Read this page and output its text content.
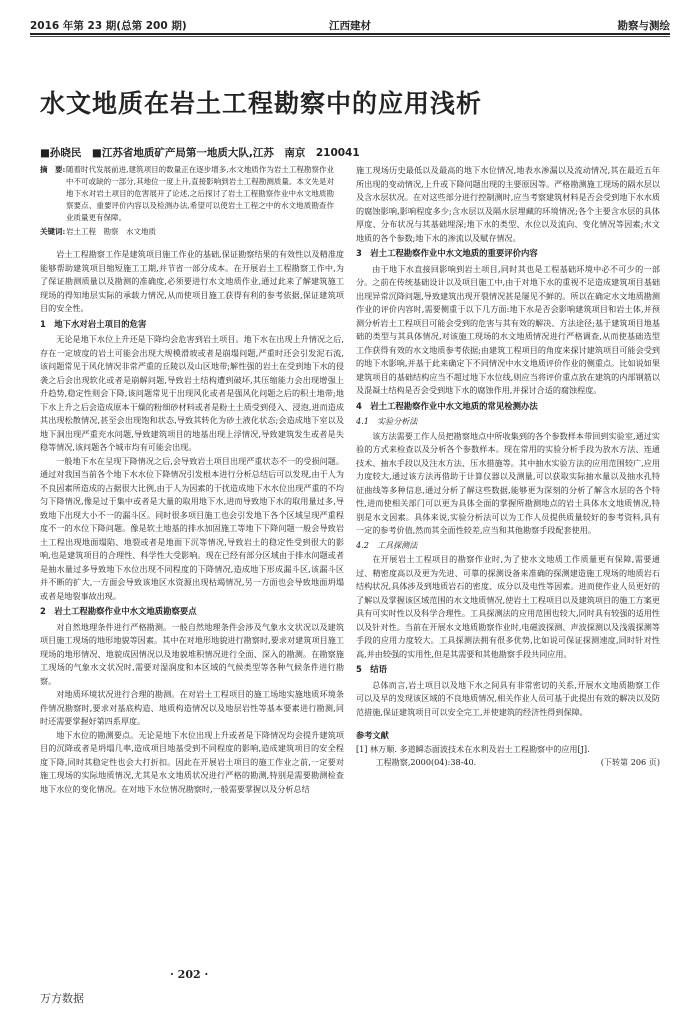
2016 年第 23 期(总第 200 期)	江西建材	勘察与测绘
水文地质在岩土工程勘察中的应用浅析
■孙晓民　■江苏省地质矿产局第一地质大队,江苏　南京　210041

摘　要:随着时代发展前进,建筑项目的数量正在逐步增多,水文地质作为岩土工程勘察作业中不可或缺的一部分,其地位一度上升,直接影响到岩土工程勘测质量。本文先是对地下水对岩土项目的危害展开了论述,之后探讨了岩土工程勘察作业中水文地质勘察要点、重要评价内容以及检测办法,希望可以使岩土工程之中的水文地质勘查作业质量更有保障。

关键词:岩土工程　勘察　水文地质

岩土工程勘察工作是建筑项目施工作业的基础,保证勘察结果的有效性以及精准度能够帮助建筑项目缩短施工工期,并节省一部分成本。在开展岩土工程勘察工作中,为了保证勘测质量以及勘测的准确度,必须要进行水文地质作业,通过此来了解建筑施工现场的得知地层实际的承载力情况,从而使项目施工获得有利的参考依据,保证建筑项目的安全性。

1　地下水对岩土项目的危害

无论是地下水位上升还是下降均会危害到岩土项目。地下水在出现上升情况之后,存在一定坡度的岩土可能会出现大规模滑坡或者是崩塌问题,严重时还会引发泥石流,该问题常见于风化情况非常严重的丘陵以及山区地带;解性强的岩土在受到地下水的侵袭之后会出现软化或者是崩解问题,导致岩土结构遭到破坏,其压缩能力会出现增强上升趋势,稳定性则会下降,该问题常见于出现风化或者是强风化问题之后的积土地带;地下水上升之后会造成原本干燥的粉细砂材料或者是粉土土质受到侵入、浸泡,进而造成其出现松散情况,甚至会出现饱和状态,导致其转化为砂土液化状态;会造成地下室以及地下洞出现严重充水问题,导致建筑项目的地基出现上浮情况,导致建筑发生或者是失稳等情况,该问题各个城市均有可能会出现。

一般地下水在呈现下降情况之后,会导致岩土项目出现严重状态不一的受损问题。通过对我国当前各个地下水水位下降情况引发根本进行分析总结后可以发现,由于人为不良因素所造成的占据很大比例,由于人为因素的干扰造成地下水水位出现严重的不均匀下降情况,像是过于集中或者是大量的取用地下水,进而导致地下水的取用量过多,导致地下出现大小不一的漏斗区。同时很多项目施工也会引发地下各个区域呈现严重程度不一的水位下降问题。像是软土地基的排水加固施工等地下下降问题一般会导致岩土工程出现地面塌陷、地裂或者是地面下沉等情况,导致岩土的稳定性受到很大的影响,也是建筑项目的合理性、科学性大受影响。现在已经有部分区域由于排水问题或者是抽水量过多导致地下水位出现不同程度的下降情况,造成地下形成漏斗区,该漏斗区并不断的扩大,一方面会导致该地区水资源出现枯竭情况,另一方面也会导致地面坍塌或者是地裂事故出现。

2　岩土工程勘察作业中水文地质勘察要点

对自然地理条件进行严格勘测。一般自然地理条件会涉及气象水文状况以及建筑项目施工现场的地形地貌等因素。其中在对地形地貌进行勘察时,要求对建筑项目施工现场的地形情况、地貌成因情况以及地貌堆积情况进行全面、深入的勘测。在勘察施工现场的气象水文状况时,需要对湿润度和本区域的气候类型等各种气候条件进行勘察。

对地质环境状况进行合理的勘测。在对岩土工程项目的施工场地实施地质环境条件情况勘察时,要求对基底构造、地质构造情况以及地层岩性等基本要素进行勘测,同时还需要掌握好第四系厚度。

地下水位的勘测要点。无论是地下水位出现上升或者是下降情况均会提升建筑项目的沉降或者是坍塌几率,造成项目地基受到不同程度的影响,造成建筑项目的安全程度下降,同时其稳定性也会大打折扣。因此在开展岩土项目的施工作业之前,一定要对施工现场的实际地质情况,尤其是水文地质状况进行严格的勘测,特别是需要勘测检查地下水位的变化情况。在对地下水位情况勘察时,一般需要掌握以及分析总结

施工现场历史最低以及最高的地下水位情况,地表水渗漏以及流动情况,其在最近五年所出现的变动情况,上升或下降问题出现的主要原因等。严格勘测施工现场的隔水层以及含水层状况。在对这些部分进行控制测时,应当考察建筑材料是否会受到地下水水质的腐蚀影响,影响程度多少;含水层以及隔水层埋藏的环境情况;各个主要含水层的具体厚度、分布状况与其基础埋深;地下水的类型、水位以及流向、变化情况等因素;水文地质的各个参数;地下水的渗流以及赋存情况。

3　岩土工程勘察作业中水文地质的重要评价内容

由于地下水直接回影响到岩土项目,同时其也是工程基础环境中必不可少的一部分。之前在传统基础设计以及项目施工中,由于对地下水的重视不足造成建筑项目基础出现异常沉降问题,导致建筑出现开裂情况甚是屡见不鲜的。所以在确定水文地质勘测作业的评价内容时,需要侧重于以下几方面:地下水是否会影响建筑项目和岩土体,并预测分析岩土工程项目可能会受到的危害与其有效的解决、方法途径;基于建筑项目地基础的类型与其具体情况,对该施工现场的水文地质情况进行严格调查,从而使基础选型工作获得有效的水文地质参考依据;由建筑工程项目的角度来探讨建筑项目可能会受到的地下水影响,并基于此来确定下不同情况中水文地质评价作业的侧重点。比如说如果建筑项目的基础结构应当不超过地下水位线,则应当将评价重点放在建筑的内部钢筋以及混凝土结构是否会受到地下水的腐蚀作用,并探讨合适的腐蚀程度。

4　岩土工程勘察作业中水文地质的常见检测办法
4.1　实验分析法

该方法需要工作人员把勘察地点中所收集到的各个参数样本带回到实验室,通过实验的方式来检查以及分析各个参数样本。现在常用的实验分析手段为放水方法、连通技术、抽水手段以及注水方法、压水措施等。其中抽水实验方法的应用范围较广,应用力度较大,通过该方法再借助于计算仪器以及测量,可以获取实际抽水量以及抽水孔特征曲线等多种信息,通过分析了解这些数据,能够更为深刻的分析了解含水层的各个特性,进而使相关部门可以更为具体全面的掌握所勘测地点的岩土具体水文地质情况,特别是水文因素。具体来说,实验分析法可以为工作人员提供质量较好的参考资料,具有一定的参考价值,然而其全面性较差,应当和其他勘察手段配套使用。

4.2　工具探测法

在开展岩土工程项目的勘察作业时,为了使水文地质工作质量更有保障,需要通过、精密度高以及更为先进、可靠的探测设备来准确的探测建造施工现场的地质岩石结构状况,具体涉及到地质岩石的密度、成分以及电性等因素。进而使作业人员更好的了解以及掌握该区域范围的水文地质情况,使岩土工程项目以及建筑项目的施工方案更具有可实时性以及科学合理性。工具探测法的应用范围也较大,同时具有较强的适用性以及针对性。当前在开展水文地质勘察作业时,电磁波探测、声波探测以及浅震探测等手段的应用力度较大。工具探测法拥有很多优势,比如说可保证探测速度,同时针对性高,并由较强的实用性,但是其需要和其他勘察手段共同应用。

5　结语

总体而言,岩土项目以及地下水之间具有非常密切的关系,开展水文地质勘察工作可以及早的发现该区域的不良地质情况,相关作业人员可基于此提出有效的解决以及防范措施,保证建筑项目可以安全完工,并使建筑的经济性得到保障。

参考文献
[1] 林万顺. 多道瞬态面波技术在水利及岩土工程勘察中的应用[J].
工程勘察,2000(04):38-40.	(下转第 206 页)
· 202 ·
万方数据
